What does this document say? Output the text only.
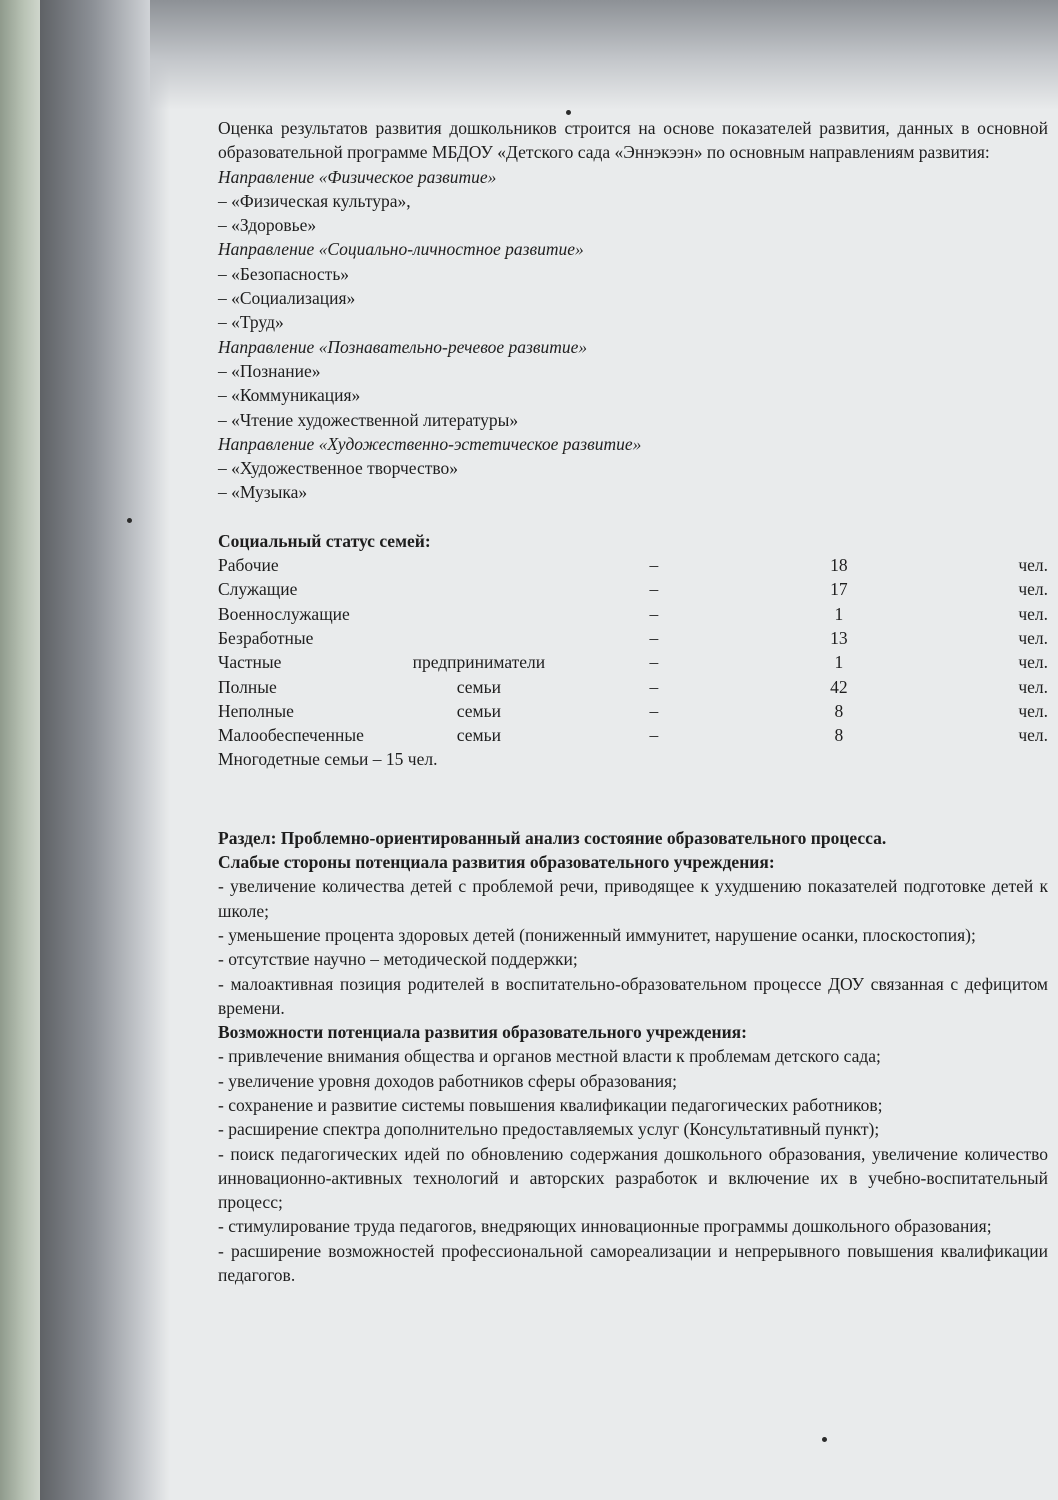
Оценка результатов развития дошкольников строится на основе показателей развития, данных в основной образовательной программе МБДОУ «Детского сада «Эннэкээн» по основным направлениям развития:
Направление «Физическое развитие»
– «Физическая культура»,
– «Здоровье»
Направление «Социально-личностное развитие»
– «Безопасность»
– «Социализация»
– «Труд»
Направление «Познавательно-речевое развитие»
– «Познание»
– «Коммуникация»
– «Чтение художественной литературы»
Направление «Художественно-эстетическое развитие»
– «Художественное творчество»
– «Музыка»
Социальный статус семей:
Рабочие		–	18	чел.
Служащие		–	17	чел.
Военнослужащие		–	1	чел.
Безработные		–	13	чел.
Частные	предприниматели	–	1	чел.
Полные	семьи	–	42	чел.
Неполные	семьи	–	8	чел.
Малообеспеченные	семьи	–	8	чел.
Многодетные семьи – 15 чел.
Раздел: Проблемно-ориентированный анализ состояние образовательного процесса.
Слабые стороны потенциала развития образовательного учреждения:
- увеличение количества детей с проблемой речи, приводящее к ухудшению показателей подготовке детей к школе;
- уменьшение процента здоровых детей (пониженный иммунитет, нарушение осанки, плоскостопия);
- отсутствие научно – методической поддержки;
- малоактивная позиция родителей в воспитательно-образовательном процессе ДОУ связанная с дефицитом времени.
Возможности потенциала развития образовательного учреждения:
- привлечение внимания общества и органов местной власти к проблемам детского сада;
- увеличение уровня доходов работников сферы образования;
- сохранение и развитие системы повышения квалификации педагогических работников;
- расширение спектра дополнительно предоставляемых услуг (Консультативный пункт);
- поиск педагогических идей по обновлению содержания дошкольного образования, увеличение количество инновационно-активных технологий и авторских разработок и включение их в учебно-воспитательный процесс;
- стимулирование труда педагогов, внедряющих инновационные программы дошкольного образования;
- расширение возможностей профессиональной самореализации и непрерывного повышения квалификации педагогов.
